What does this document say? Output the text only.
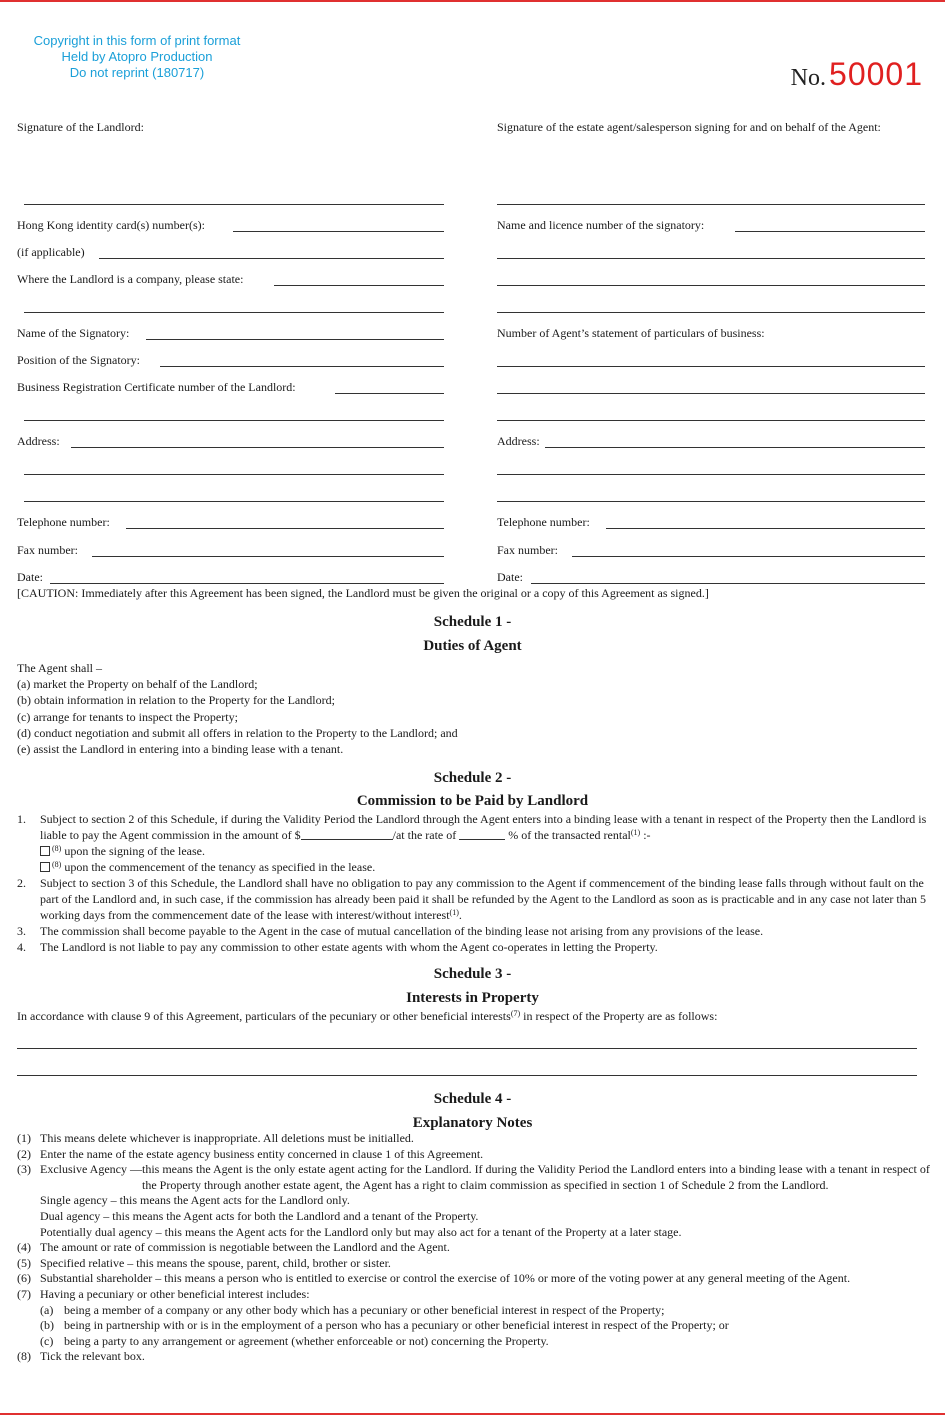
Copyright in this form of print format
Held by Atopro Production
Do not reprint (180717)	No. 50001
Signature of the Landlord:
Hong Kong identity card(s) number(s):
(if applicable)
Where the Landlord is a company, please state:
Name of the Signatory:
Position of the Signatory:
Business Registration Certificate number of the Landlord:
Address:
Telephone number:
Fax number:
Date:
Signature of the estate agent/salesperson signing for and on behalf of the Agent:
Name and licence number of the signatory:
Number of Agent’s statement of particulars of business:
Address:
Telephone number:
Fax number:
Date:
[CAUTION: Immediately after this Agreement has been signed, the Landlord must be given the original or a copy of this Agreement as signed.]
Schedule 1 -
Duties of Agent
The Agent shall –
(a) market the Property on behalf of the Landlord;
(b) obtain information in relation to the Property for the Landlord;
(c) arrange for tenants to inspect the Property;
(d) conduct negotiation and submit all offers in relation to the Property to the Landlord; and
(e) assist the Landlord in entering into a binding lease with a tenant.
Schedule 2 -
Commission to be Paid by Landlord
1.	Subject to section 2 of this Schedule, if during the Validity Period the Landlord through the Agent enters into a binding lease with a tenant in respect of the Property then the Landlord is liable to pay the Agent commission in the amount of $	/at the rate of	% of the transacted rental$^{(1)}$ :-
$^{(8)}$ upon the signing of the lease.
$^{(8)}$ upon the commencement of the tenancy as specified in the lease.
2.	Subject to section 3 of this Schedule, the Landlord shall have no obligation to pay any commission to the Agent if commencement of the binding lease falls through without fault on the part of the Landlord and, in such case, if the commission has already been paid it shall be refunded by the Agent to the Landlord as soon as is practicable and in any case not later than 5 working days from the commencement date of the lease with interest/without interest$^{(1)}$.
3.	The commission shall become payable to the Agent in the case of mutual cancellation of the binding lease not arising from any provisions of the lease.
4.	The Landlord is not liable to pay any commission to other estate agents with whom the Agent co-operates in letting the Property.
Schedule 3 -
Interests in Property
In accordance with clause 9 of this Agreement, particulars of the pecuniary or other beneficial interests$^{(7)}$ in respect of the Property are as follows:
Schedule 4 -
Explanatory Notes
(1) This means delete whichever is inappropriate. All deletions must be initialled.
(2) Enter the name of the estate agency business entity concerned in clause 1 of this Agreement.
(3) Exclusive Agency — this means the Agent is the only estate agent acting for the Landlord. If during the Validity Period the Landlord enters into a binding lease with a tenant in respect of the Property through another estate agent, the Agent has a right to claim commission as specified in section 1 of Schedule 2 from the Landlord.
Single agency – this means the Agent acts for the Landlord only.
Dual agency – this means the Agent acts for both the Landlord and a tenant of the Property.
Potentially dual agency – this means the Agent acts for the Landlord only but may also act for a tenant of the Property at a later stage.
(4) The amount or rate of commission is negotiable between the Landlord and the Agent.
(5) Specified relative – this means the spouse, parent, child, brother or sister.
(6) Substantial shareholder – this means a person who is entitled to exercise or control the exercise of 10% or more of the voting power at any general meeting of the Agent.
(7) Having a pecuniary or other beneficial interest includes:
(a) being a member of a company or any other body which has a pecuniary or other beneficial interest in respect of the Property;
(b) being in partnership with or is in the employment of a person who has a pecuniary or other beneficial interest in respect of the Property; or
(c) being a party to any arrangement or agreement (whether enforceable or not) concerning the Property.
(8) Tick the relevant box.
